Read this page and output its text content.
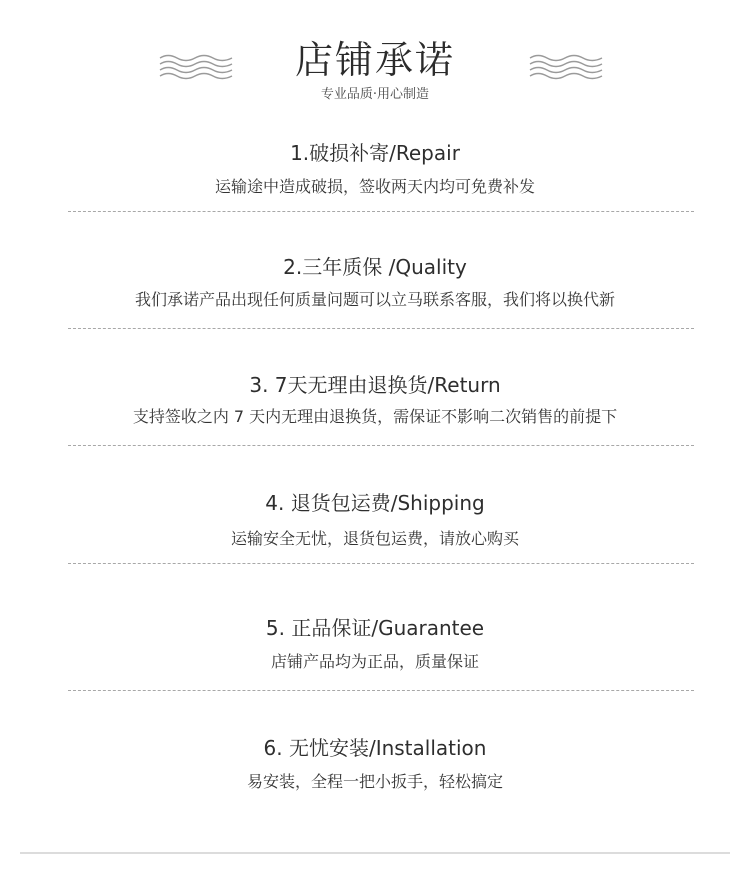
店铺承诺
专业品质·用心制造
1.破损补寄/Repair
运输途中造成破损，签收两天内均可免费补发
2.三年质保 /Quality
我们承诺产品出现任何质量问题可以立马联系客服，我们将以换代新
3. 7天无理由退换货/Return
支持签收之内 7 天内无理由退换货，需保证不影响二次销售的前提下
4. 退货包运费/Shipping
运输安全无忧，退货包运费，请放心购买
5. 正品保证/Guarantee
店铺产品均为正品，质量保证
6. 无忧安装/Installation
易安装，全程一把小扳手，轻松搞定
